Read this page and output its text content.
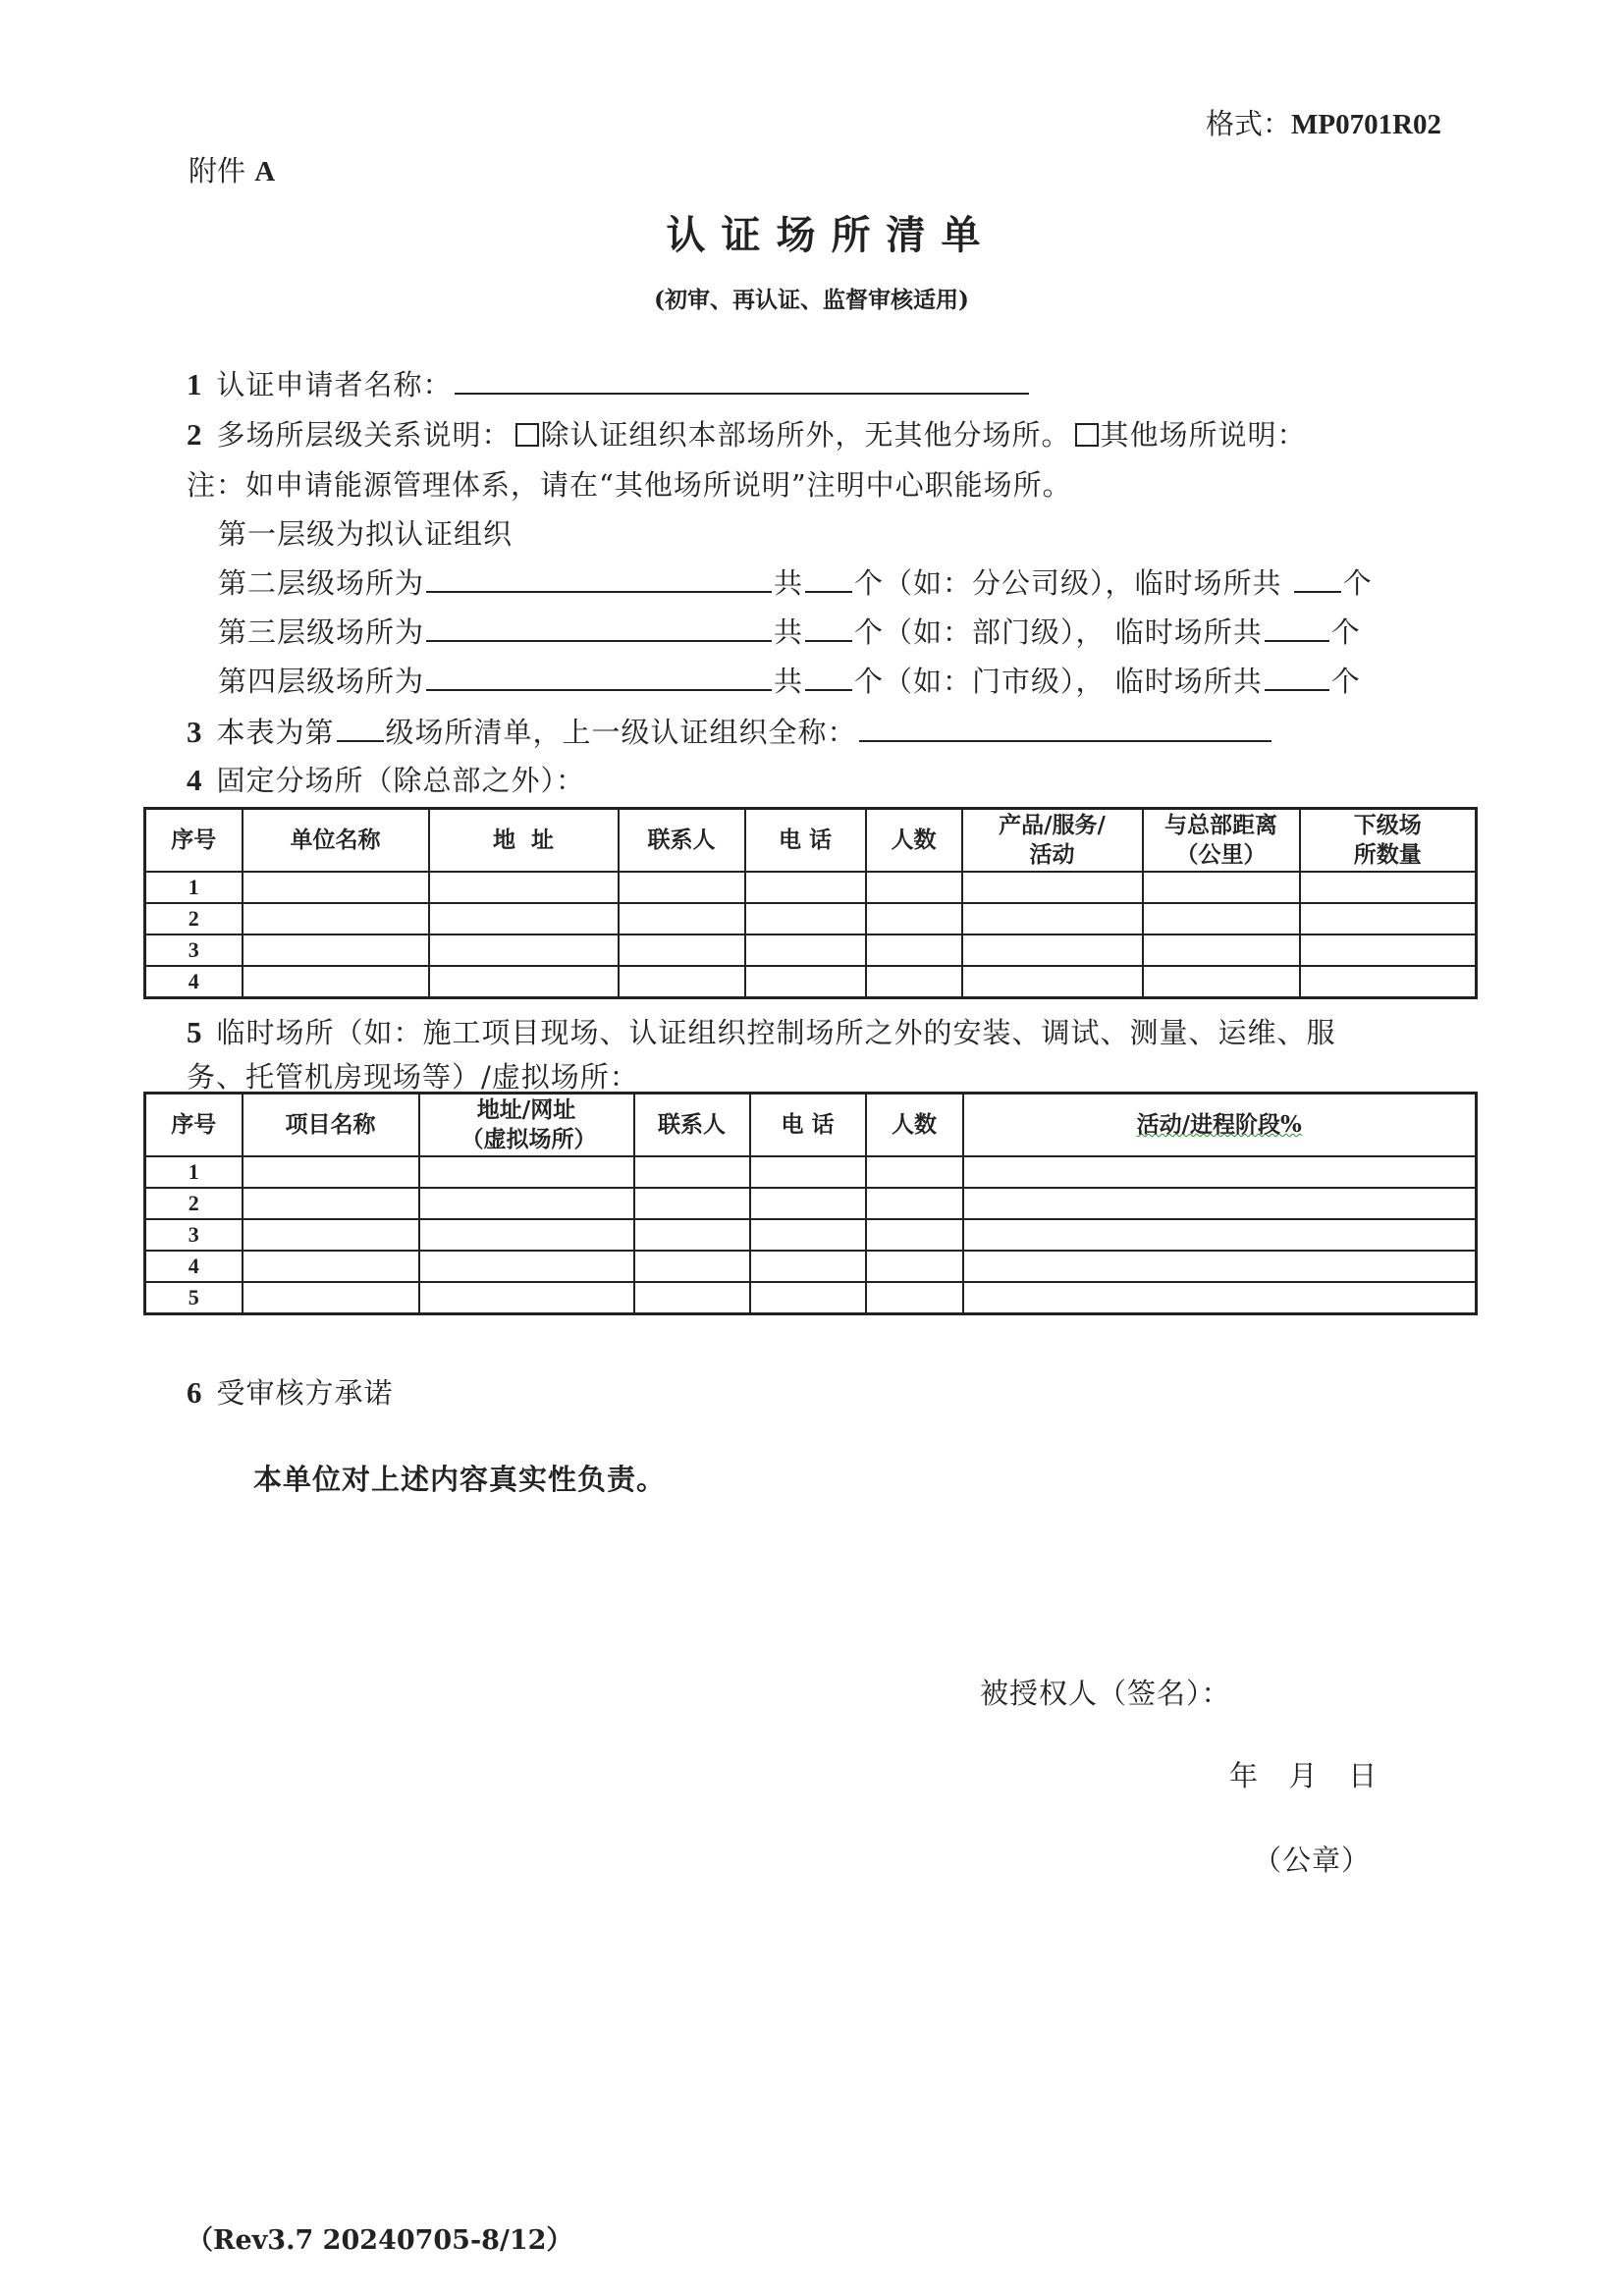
格式：MP0701R02
附件 A
认证场所清单
(初审、再认证、监督审核适用)
1 认证申请者名称：
2 多场所层级关系说明： 除认证组织本部场所外，无其他分场所。 其他场所说明：
注：如申请能源管理体系，请在“其他场所说明”注明中心职能场所。
第一层级为拟认证组织
第二层级场所为	共 个（如：分公司级），临时场所共 个
第三层级场所为	共 个（如：部门级）， 临时场所共 个
第四层级场所为	共 个（如：门市级）， 临时场所共 个
3 本表为第 级场所清单，上一级认证组织全称：
4 固定分场所（除总部之外）：
序号	单位名称	地  址	联系人	电 话	人数	产品/服务/活动	与总部距离（公里）	下级场所数量
1								
2								
3								
4								
5 临时场所（如：施工项目现场、认证组织控制场所之外的安装、调试、测量、运维、服
务、托管机房现场等）/虚拟场所：
序号	项目名称	地址/网址（虚拟场所）	联系人	电 话	人数	活动/进程阶段%
1						
2						
3						
4						
5						
6 受审核方承诺
本单位对上述内容真实性负责。
被授权人（签名）：
年   月   日
（公章）
（Rev3.7 20240705-8/12）
